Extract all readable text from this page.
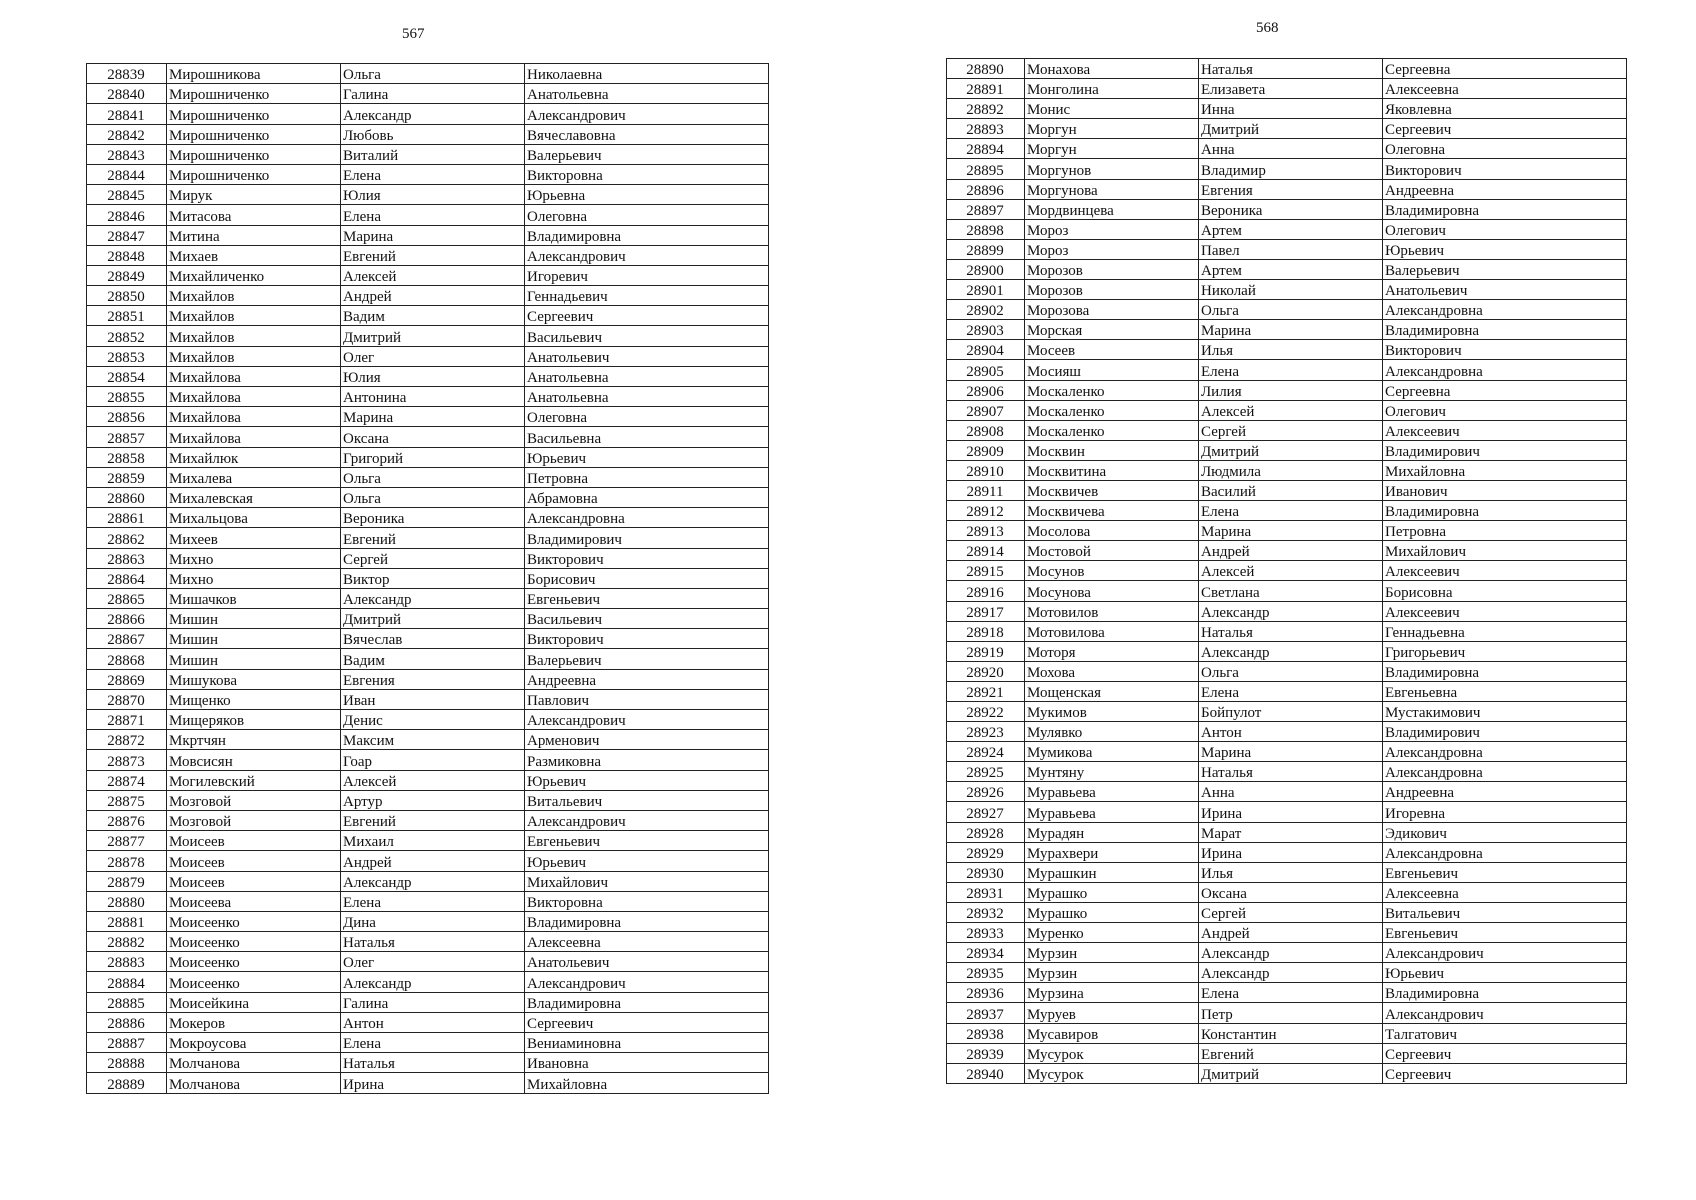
567
28839	Мирошникова	Ольга	Николаевна
28840	Мирошниченко	Галина	Анатольевна
28841	Мирошниченко	Александр	Александрович
28842	Мирошниченко	Любовь	Вячеславовна
28843	Мирошниченко	Виталий	Валерьевич
28844	Мирошниченко	Елена	Викторовна
28845	Мирук	Юлия	Юрьевна
28846	Митасова	Елена	Олеговна
28847	Митина	Марина	Владимировна
28848	Михаев	Евгений	Александрович
28849	Михайличенко	Алексей	Игоревич
28850	Михайлов	Андрей	Геннадьевич
28851	Михайлов	Вадим	Сергеевич
28852	Михайлов	Дмитрий	Васильевич
28853	Михайлов	Олег	Анатольевич
28854	Михайлова	Юлия	Анатольевна
28855	Михайлова	Антонина	Анатольевна
28856	Михайлова	Марина	Олеговна
28857	Михайлова	Оксана	Васильевна
28858	Михайлюк	Григорий	Юрьевич
28859	Михалева	Ольга	Петровна
28860	Михалевская	Ольга	Абрамовна
28861	Михальцова	Вероника	Александровна
28862	Михеев	Евгений	Владимирович
28863	Михно	Сергей	Викторович
28864	Михно	Виктор	Борисович
28865	Мишачков	Александр	Евгеньевич
28866	Мишин	Дмитрий	Васильевич
28867	Мишин	Вячеслав	Викторович
28868	Мишин	Вадим	Валерьевич
28869	Мишукова	Евгения	Андреевна
28870	Мищенко	Иван	Павлович
28871	Мищеряков	Денис	Александрович
28872	Мкртчян	Максим	Арменович
28873	Мовсисян	Гоар	Размиковна
28874	Могилевский	Алексей	Юрьевич
28875	Мозговой	Артур	Витальевич
28876	Мозговой	Евгений	Александрович
28877	Моисеев	Михаил	Евгеньевич
28878	Моисеев	Андрей	Юрьевич
28879	Моисеев	Александр	Михайлович
28880	Моисеева	Елена	Викторовна
28881	Моисеенко	Дина	Владимировна
28882	Моисеенко	Наталья	Алексеевна
28883	Моисеенко	Олег	Анатольевич
28884	Моисеенко	Александр	Александрович
28885	Моисейкина	Галина	Владимировна
28886	Мокеров	Антон	Сергеевич
28887	Мокроусова	Елена	Вениаминовна
28888	Молчанова	Наталья	Ивановна
28889	Молчанова	Ирина	Михайловна
568
28890	Монахова	Наталья	Сергеевна
28891	Монголина	Елизавета	Алексеевна
28892	Монис	Инна	Яковлевна
28893	Моргун	Дмитрий	Сергеевич
28894	Моргун	Анна	Олеговна
28895	Моргунов	Владимир	Викторович
28896	Моргунова	Евгения	Андреевна
28897	Мордвинцева	Вероника	Владимировна
28898	Мороз	Артем	Олегович
28899	Мороз	Павел	Юрьевич
28900	Морозов	Артем	Валерьевич
28901	Морозов	Николай	Анатольевич
28902	Морозова	Ольга	Александровна
28903	Морская	Марина	Владимировна
28904	Мосеев	Илья	Викторович
28905	Мосияш	Елена	Александровна
28906	Москаленко	Лилия	Сергеевна
28907	Москаленко	Алексей	Олегович
28908	Москаленко	Сергей	Алексеевич
28909	Москвин	Дмитрий	Владимирович
28910	Москвитина	Людмила	Михайловна
28911	Москвичев	Василий	Иванович
28912	Москвичева	Елена	Владимировна
28913	Мосолова	Марина	Петровна
28914	Мостовой	Андрей	Михайлович
28915	Мосунов	Алексей	Алексеевич
28916	Мосунова	Светлана	Борисовна
28917	Мотовилов	Александр	Алексеевич
28918	Мотовилова	Наталья	Геннадьевна
28919	Моторя	Александр	Григорьевич
28920	Мохова	Ольга	Владимировна
28921	Мощенская	Елена	Евгеньевна
28922	Мукимов	Бойпулот	Мустакимович
28923	Мулявко	Антон	Владимирович
28924	Мумикова	Марина	Александровна
28925	Мунтяну	Наталья	Александровна
28926	Муравьева	Анна	Андреевна
28927	Муравьева	Ирина	Игоревна
28928	Мурадян	Марат	Эдикович
28929	Мурахвери	Ирина	Александровна
28930	Мурашкин	Илья	Евгеньевич
28931	Мурашко	Оксана	Алексеевна
28932	Мурашко	Сергей	Витальевич
28933	Муренко	Андрей	Евгеньевич
28934	Мурзин	Александр	Александрович
28935	Мурзин	Александр	Юрьевич
28936	Мурзина	Елена	Владимировна
28937	Муруев	Петр	Александрович
28938	Мусавиров	Константин	Талгатович
28939	Мусурок	Евгений	Сергеевич
28940	Мусурок	Дмитрий	Сергеевич
